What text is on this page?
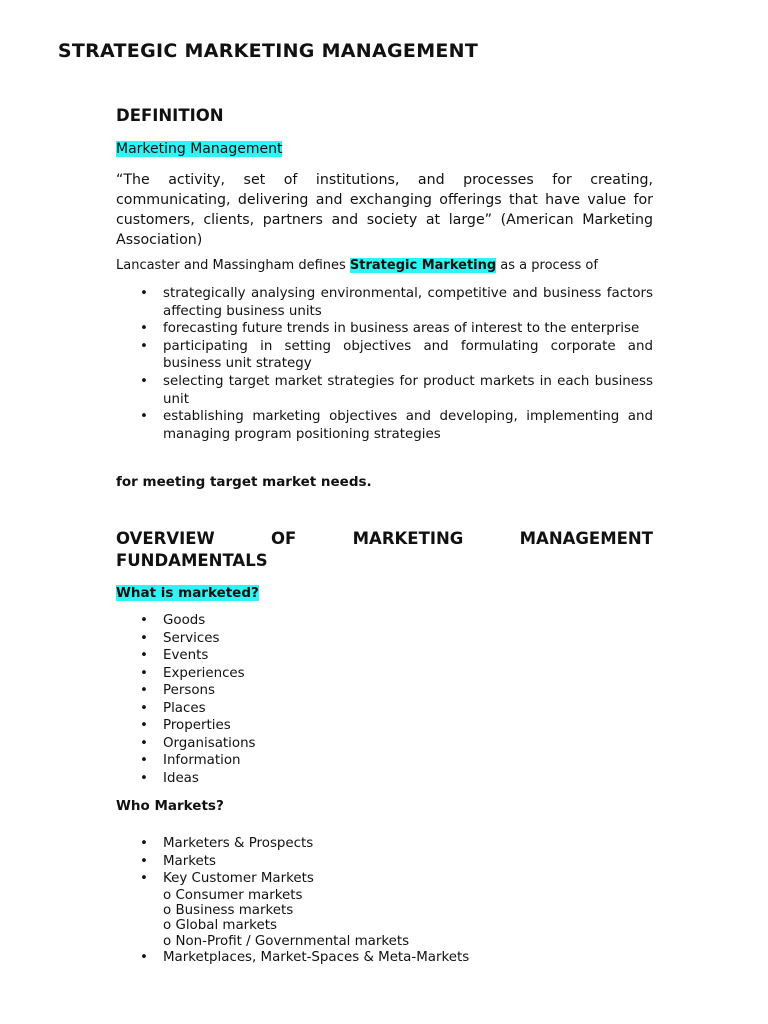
STRATEGIC MARKETING MANAGEMENT
DEFINITION

Marketing Management

“The activity, set of institutions, and processes for creating, communicating, delivering and exchanging offerings that have value for customers, clients, partners and society at large” (American Marketing Association)

Lancaster and Massingham defines Strategic Marketing as a process of

• strategically analysing environmental, competitive and business factors affecting business units
• forecasting future trends in business areas of interest to the enterprise
• participating in setting objectives and formulating corporate and business unit strategy
• selecting target market strategies for product markets in each business unit
• establishing marketing objectives and developing, implementing and managing program positioning strategies

for meeting target market needs.

OVERVIEW	OF	MARKETING	MANAGEMENT
FUNDAMENTALS

What is marketed?

• Goods
• Services
• Events
• Experiences
• Persons
• Places
• Properties
• Organisations
• Information
• Ideas

Who Markets?

• Marketers & Prospects
• Markets
• Key Customer Markets
o Consumer markets
o Business markets
o Global markets
o Non-Profit / Governmental markets
• Marketplaces, Market-Spaces & Meta-Markets
